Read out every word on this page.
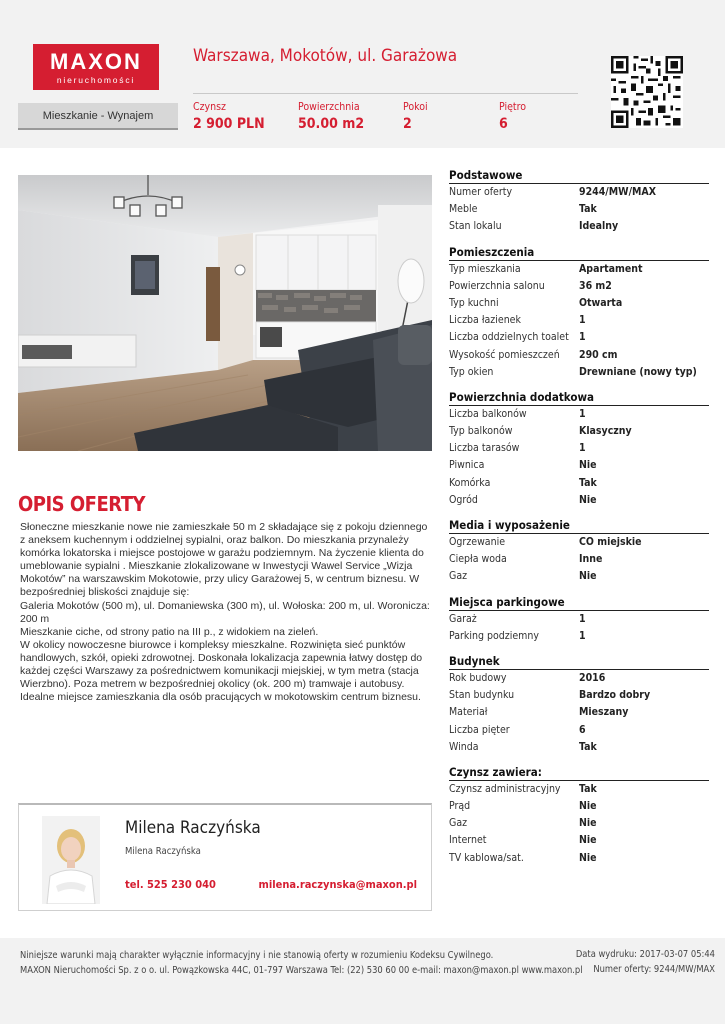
MAXON
nieruchomości
Mieszkanie - Wynajem
Warszawa, Mokotów, ul. Garażowa
Czynsz
2 900 PLN
Powierzchnia
50.00 m2
Pokoi
2
Piętro
6
OPIS OFERTY
Słoneczne mieszkanie nowe nie zamieszkałe 50 m 2 składające się z pokoju dziennego z aneksem kuchennym i oddzielnej sypialni, oraz balkon. Do mieszkania przynależy komórka lokatorska i miejsce postojowe w garażu podziemnym. Na życzenie klienta do umeblowanie sypialni . Mieszkanie zlokalizowane w Inwestycji Wawel Service „Wizja Mokotów” na warszawskim Mokotowie, przy ulicy Garażowej 5, w centrum biznesu. W bezpośredniej bliskości znajduje się:
Galeria Mokotów (500 m), ul. Domaniewska (300 m), ul. Wołoska: 200 m, ul. Woronicza: 200 m
Mieszkanie ciche, od strony patio na III p., z widokiem na zieleń.
W okolicy nowoczesne biurowce i kompleksy mieszkalne. Rozwinięta sieć punktów handlowych, szkół, opieki zdrowotnej. Doskonała lokalizacja zapewnia łatwy dostęp do każdej części Warszawy za pośrednictwem komunikacji miejskiej, w tym metra (stacja Wierzbno). Poza metrem w bezpośredniej okolicy (ok. 200 m) tramwaje i autobusy. Idealne miejsce zamieszkania dla osób pracujących w mokotowskim centrum biznesu.
Milena Raczyńska
Milena Raczyńska
tel. 525 230 040	milena.raczynska@maxon.pl
Podstawowe
Numer oferty	9244/MW/MAX
Meble	Tak
Stan lokalu	Idealny
Pomieszczenia
Typ mieszkania	Apartament
Powierzchnia salonu	36 m2
Typ kuchni	Otwarta
Liczba łazienek	1
Liczba oddzielnych toalet 1
Wysokość pomieszczeń	290 cm
Typ okien	Drewniane (nowy typ)
Powierzchnia dodatkowa
Liczba balkonów	1
Typ balkonów	Klasyczny
Liczba tarasów	1
Piwnica	Nie
Komórka	Tak
Ogród	Nie
Media i wyposażenie
Ogrzewanie	CO miejskie
Ciepła woda	Inne
Gaz	Nie
Miejsca parkingowe
Garaż	1
Parking podziemny	1
Budynek
Rok budowy	2016
Stan budynku	Bardzo dobry
Materiał	Mieszany
Liczba pięter	6
Winda	Tak
Czynsz zawiera:
Czynsz administracyjny	Tak
Prąd	Nie
Gaz	Nie
Internet	Nie
TV kablowa/sat.	Nie
Niniejsze warunki mają charakter wyłącznie informacyjny i nie stanowią oferty w rozumieniu Kodeksu Cywilnego.
MAXON Nieruchomości Sp. z o o. ul. Powązkowska 44C, 01-797 Warszawa Tel: (22) 530 60 00 e-mail: maxon@maxon.pl www.maxon.pl
Data wydruku: 2017-03-07 05:44
Numer oferty: 9244/MW/MAX
